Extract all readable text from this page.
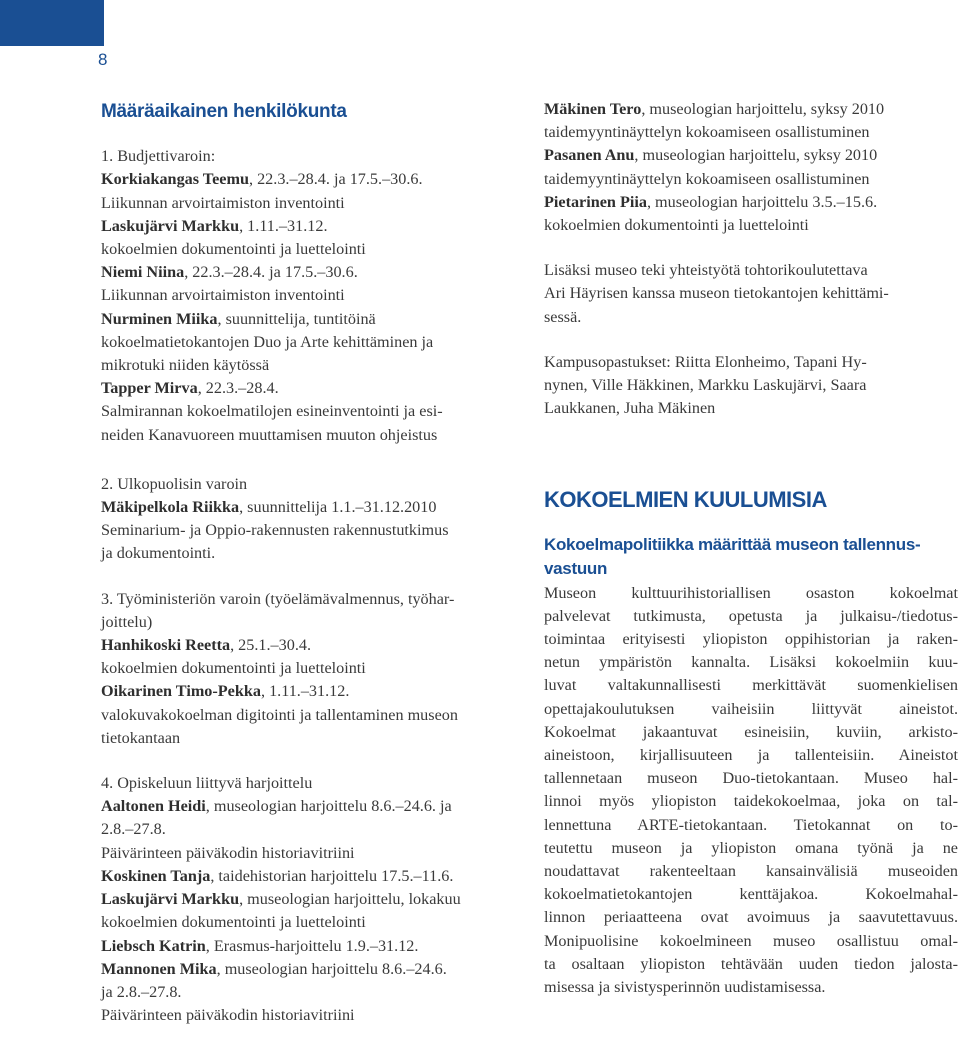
8
Määräaikainen henkilökunta

1. Budjettivaroin:

Korkiakangas Teemu, 22.3.–28.4. ja 17.5.–30.6.

Liikunnan arvoirtaimiston inventointi

Laskujärvi Markku, 1.11.–31.12.

kokoelmien dokumentointi ja luettelointi

Niemi Niina, 22.3.–28.4. ja 17.5.–30.6.

Liikunnan arvoirtaimiston inventointi

Nurminen Miika, suunnittelija, tuntitöinä

kokoelmatietokantojen Duo ja Arte kehittäminen ja

mikrotuki niiden käytössä

Tapper Mirva, 22.3.–28.4.

Salmirannan kokoelmatilojen esineinventointi ja esi-

neiden Kanavuoreen muuttamisen muuton ohjeistus

2. Ulkopuolisin varoin

Mäkipelkola Riikka, suunnittelija 1.1.–31.12.2010

Seminarium- ja Oppio-rakennusten rakennustutkimus

ja dokumentointi.

3. Työministeriön varoin (työelämävalmennus, työhar-

joittelu)

Hanhikoski Reetta, 25.1.–30.4.

kokoelmien dokumentointi ja luettelointi

Oikarinen Timo-Pekka, 1.11.–31.12.

valokuvakokoelman digitointi ja tallentaminen museon

tietokantaan

4. Opiskeluun liittyvä harjoittelu

Aaltonen Heidi, museologian harjoittelu 8.6.–24.6. ja

2.8.–27.8.

Päivärinteen päiväkodin historiavitriini

Koskinen Tanja, taidehistorian harjoittelu 17.5.–11.6.

Laskujärvi Markku, museologian harjoittelu, lokakuu

kokoelmien dokumentointi ja luettelointi

Liebsch Katrin, Erasmus-harjoittelu 1.9.–31.12.

Mannonen Mika, museologian harjoittelu 8.6.–24.6.

ja 2.8.–27.8.

Päivärinteen päiväkodin historiavitriini

Mäkinen Tero, museologian harjoittelu, syksy 2010

taidemyyntinäyttelyn kokoamiseen osallistuminen

Pasanen Anu, museologian harjoittelu, syksy 2010

taidemyyntinäyttelyn kokoamiseen osallistuminen

Pietarinen Piia, museologian harjoittelu 3.5.–15.6.

kokoelmien dokumentointi ja luettelointi

Lisäksi museo teki yhteistyötä tohtorikoulutettava

Ari Häyrisen kanssa museon tietokantojen kehittämi-

sessä.

Kampusopastukset: Riitta Elonheimo, Tapani Hy-

nynen, Ville Häkkinen, Markku Laskujärvi, Saara

Laukkanen, Juha Mäkinen

KOKOELMIEN KUULUMISIA
Kokoelmapolitiikka määrittää museon tallennus-
vastuun

Museon kulttuurihistoriallisen osaston kokoelmat

palvelevat tutkimusta, opetusta ja julkaisu-/tiedotus-

toimintaa erityisesti yliopiston oppihistorian ja raken-

netun ympäristön kannalta. Lisäksi kokoelmiin kuu-

luvat valtakunnallisesti merkittävät suomenkielisen

opettajakoulutuksen vaiheisiin liittyvät aineistot.

Kokoelmat jakaantuvat esineisiin, kuviin, arkisto-

aineistoon, kirjallisuuteen ja tallenteisiin. Aineistot

tallennetaan museon Duo-tietokantaan. Museo hal-

linnoi myös yliopiston taidekokoelmaa, joka on tal-

lennettuna ARTE-tietokantaan. Tietokannat on to-

teutettu museon ja yliopiston omana työnä ja ne

noudattavat rakenteeltaan kansainvälisiä museoiden

kokoelmatietokantojen kenttäjakoa. Kokoelmahal-

linnon periaatteena ovat avoimuus ja saavutettavuus.

Monipuolisine kokoelmineen museo osallistuu omal-

ta osaltaan yliopiston tehtävään uuden tiedon jalosta-

misessa ja sivistysperinnön uudistamisessa.
